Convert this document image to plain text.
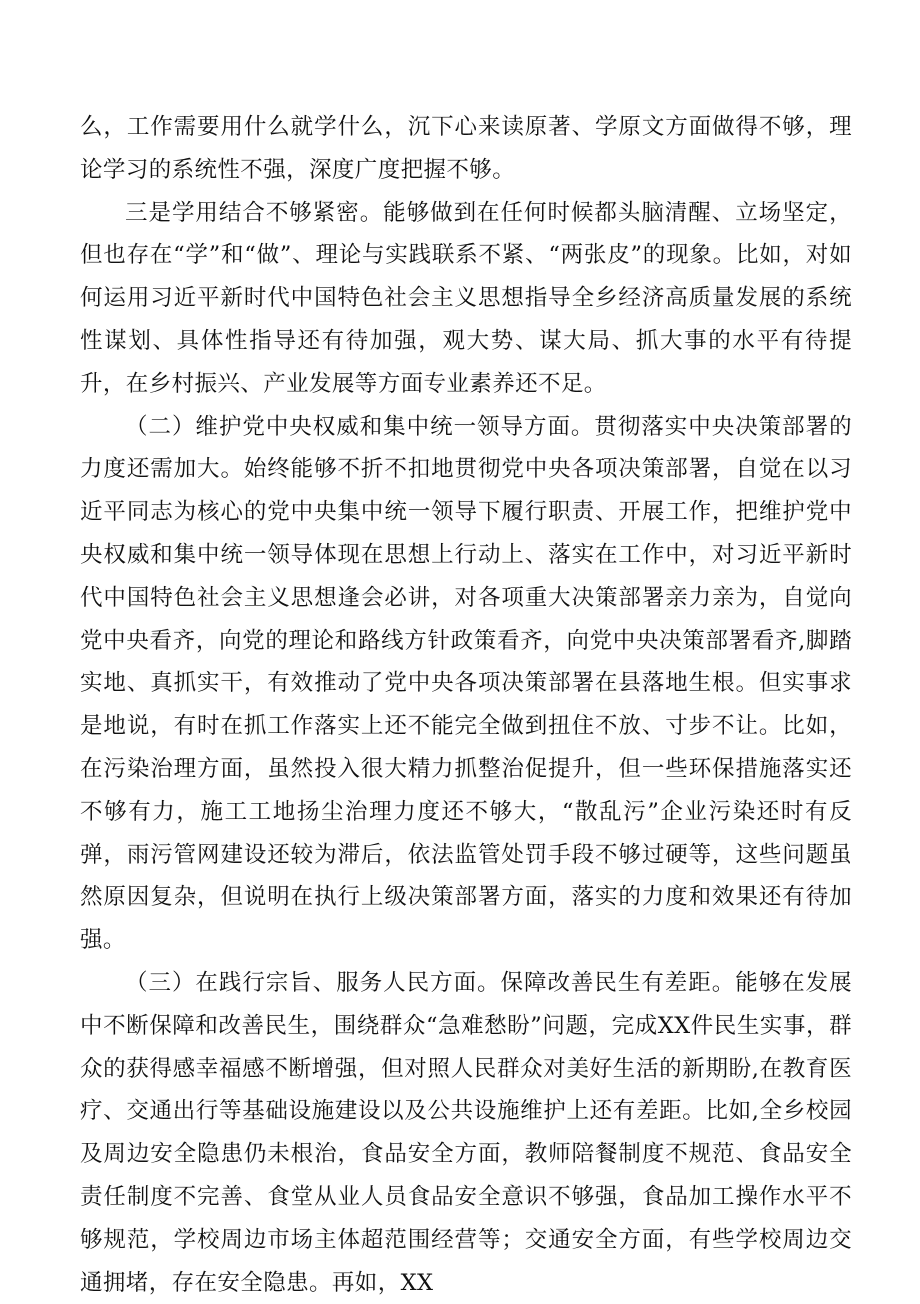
么，工作需要用什么就学什么，沉下心来读原著、学原文方面做得不够，理论学习的系统性不强，深度广度把握不够。

三是学用结合不够紧密。能够做到在任何时候都头脑清醒、立场坚定，但也存在“学”和“做”、理论与实践联系不紧、“两张皮”的现象。比如，对如何运用习近平新时代中国特色社会主义思想指导全乡经济高质量发展的系统性谋划、具体性指导还有待加强，观大势、谋大局、抓大事的水平有待提升，在乡村振兴、产业发展等方面专业素养还不足。

（二）维护党中央权威和集中统一领导方面。贯彻落实中央决策部署的力度还需加大。始终能够不折不扣地贯彻党中央各项决策部署，自觉在以习近平同志为核心的党中央集中统一领导下履行职责、开展工作，把维护党中央权威和集中统一领导体现在思想上行动上、落实在工作中，对习近平新时代中国特色社会主义思想逢会必讲，对各项重大决策部署亲力亲为，自觉向党中央看齐，向党的理论和路线方针政策看齐，向党中央决策部署看齐,脚踏实地、真抓实干，有效推动了党中央各项决策部署在县落地生根。但实事求是地说，有时在抓工作落实上还不能完全做到扭住不放、寸步不让。比如，在污染治理方面，虽然投入很大精力抓整治促提升，但一些环保措施落实还不够有力，施工工地扬尘治理力度还不够大，“散乱污”企业污染还时有反弹，雨污管网建设还较为滞后，依法监管处罚手段不够过硬等，这些问题虽然原因复杂，但说明在执行上级决策部署方面，落实的力度和效果还有待加强。

（三）在践行宗旨、服务人民方面。保障改善民生有差距。能够在发展中不断保障和改善民生，围绕群众“急难愁盼”问题，完成XX件民生实事，群众的获得感幸福感不断增强，但对照人民群众对美好生活的新期盼,在教育医疗、交通出行等基础设施建设以及公共设施维护上还有差距。比如,全乡校园及周边安全隐患仍未根治，食品安全方面，教师陪餐制度不规范、食品安全责任制度不完善、食堂从业人员食品安全意识不够强，食品加工操作水平不够规范，学校周边市场主体超范围经营等；交通安全方面，有些学校周边交通拥堵，存在安全隐患。再如，XX
